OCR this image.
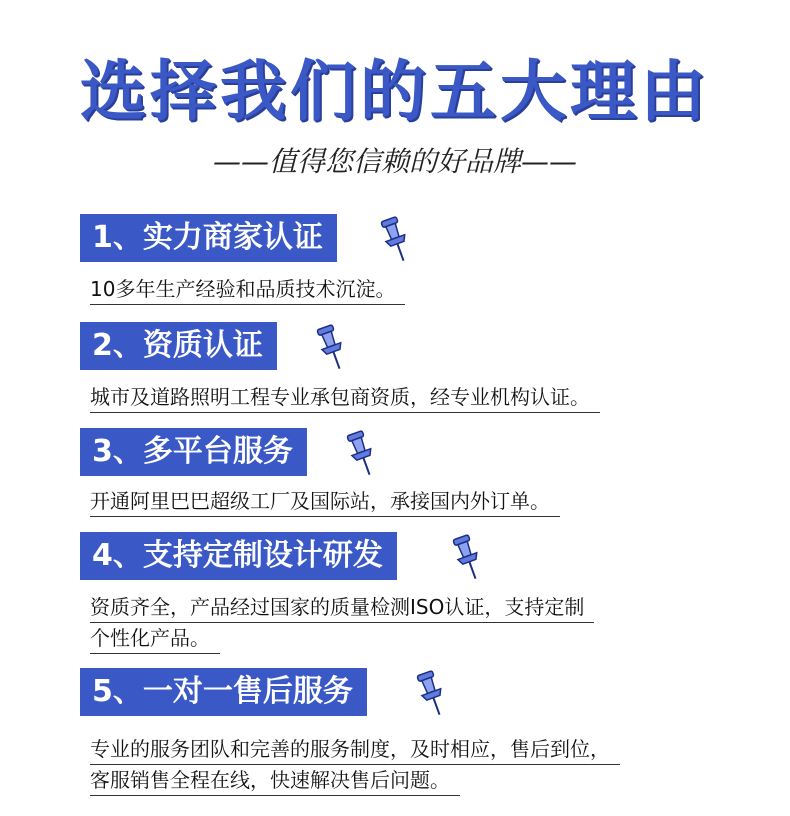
选择我们的五大理由
——值得您信赖的好品牌——
1、实力商家认证
10多年生产经验和品质技术沉淀。
2、资质认证
城市及道路照明工程专业承包商资质，经专业机构认证。
3、多平台服务
开通阿里巴巴超级工厂及国际站，承接国内外订单。
4、支持定制设计研发
资质齐全，产品经过国家的质量检测ISO认证，支持定制
个性化产品。
5、一对一售后服务
专业的服务团队和完善的服务制度，及时相应，售后到位，
客服销售全程在线，快速解决售后问题。
